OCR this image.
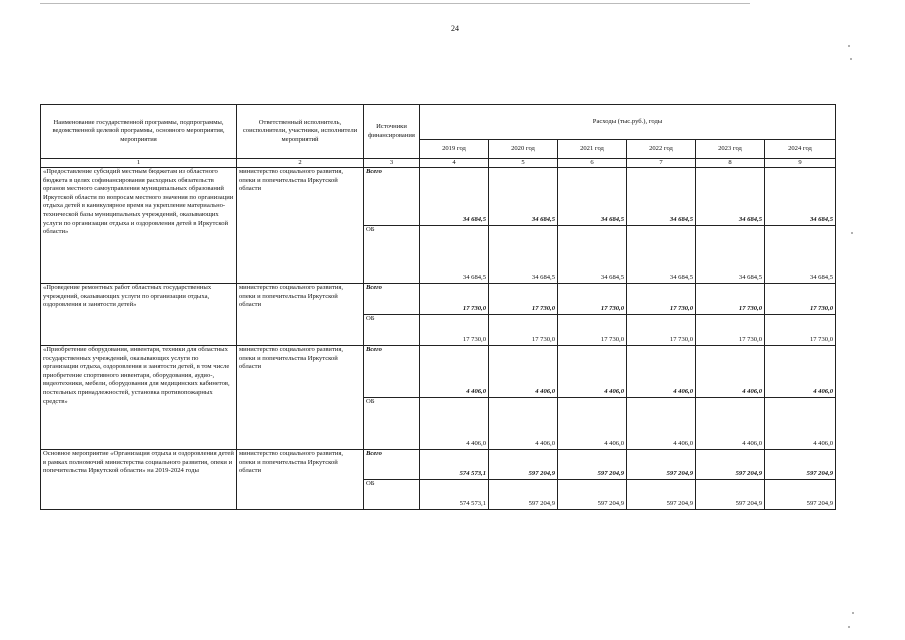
24
Наименование государственной программы, подпрограммы, ведомственной целевой программы, основного мероприятия, мероприятия	Ответственный исполнитель, соисполнители, участники, исполнители мероприятий	Источники финансирования	Расходы (тыс.руб.), годы					
			2019 год	2020 год	2021 год	2022 год	2023 год	2024 год
1	2	3	4	5	6	7	8	9
«Предоставление субсидий местным бюджетам из областного бюджета в целях софинансирования расходных обязательств органов местного самоуправления муниципальных образований Иркутской области по вопросам местного значения по организации отдыха детей в каникулярное время на укрепление материально-технической базы муниципальных учреждений, оказывающих услуги по организации отдыха и оздоровления детей в Иркутской области»	министерство социального развития, опеки и попечительства Иркутской области	Всего	34 684,5	34 684,5	34 684,5	34 684,5	34 684,5	34 684,5
		ОБ	34 684,5	34 684,5	34 684,5	34 684,5	34 684,5	34 684,5
«Проведение ремонтных работ областных государственных учреждений, оказывающих услуги по организации отдыха, оздоровления и занятости детей»	министерство социального развития, опеки и попечительства Иркутской области	Всего	17 730,0	17 730,0	17 730,0	17 730,0	17 730,0	17 730,0
		ОБ	17 730,0	17 730,0	17 730,0	17 730,0	17 730,0	17 730,0
«Приобретение оборудования, инвентаря, техники для областных государственных учреждений, оказывающих услуги по организации отдыха, оздоровления и занятости детей, в том числе приобретение спортивного инвентаря, оборудования, аудио-, видеотехники, мебели, оборудования для медицинских кабинетов, постельных принадлежностей, установка противопожарных средств»	министерство социального развития, опеки и попечительства Иркутской области	Всего	4 406,0	4 406,0	4 406,0	4 406,0	4 406,0	4 406,0
		ОБ	4 406,0	4 406,0	4 406,0	4 406,0	4 406,0	4 406,0
Основное мероприятие «Организация отдыха и оздоровления детей в рамках полномочий министерства социального развития, опеки и попечительства Иркутской области» на 2019-2024 годы	министерство социального развития, опеки и попечительства Иркутской области	Всего	574 573,1	597 204,9	597 204,9	597 204,9	597 204,9	597 204,9
		ОБ	574 573,1	597 204,9	597 204,9	597 204,9	597 204,9	597 204,9
